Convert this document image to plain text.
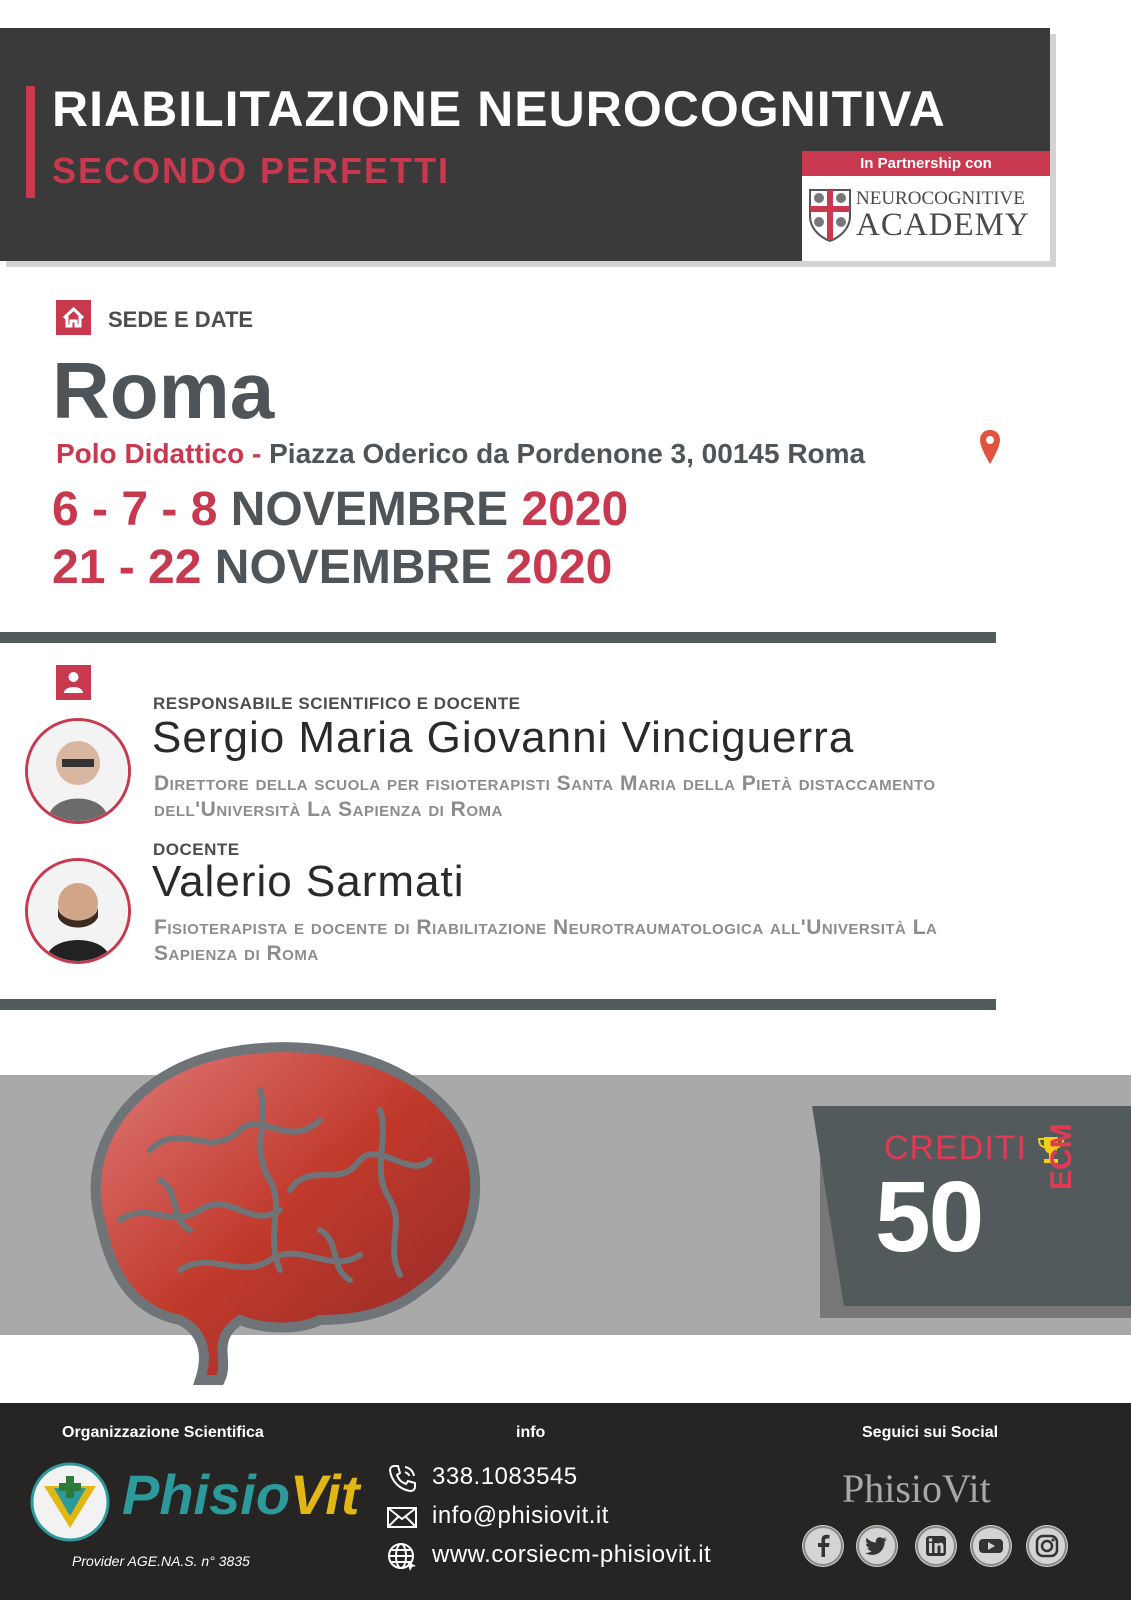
RIABILITAZIONE NEUROCOGNITIVA
SECONDO PERFETTI	In Partnership con
NEUROCOGNITIVE
ACADEMY
SEDE E DATE
Roma
Polo Didattico - Piazza Oderico da Pordenone 3, 00145 Roma
6 - 7 - 8 NOVEMBRE 2020
21 - 22 NOVEMBRE 2020
RESPONSABILE SCIENTIFICO E DOCENTE
Sergio Maria Giovanni Vinciguerra
Direttore della scuola per fisioterapisti Santa Maria della Pietà distaccamento dell'Università La Sapienza di Roma
DOCENTE
Valerio Sarmati
Fisioterapista e docente di Riabilitazione Neurotraumatologica all'Università La Sapienza di Roma
CREDITI
50
ECM
Organizzazione Scientifica	info	Seguici sui Social
PhisioVit
Provider AGE.NA.S. n° 3835
338.1083545
info@phisiovit.it
www.corsiecm-phisiovit.it
PhisioVit
